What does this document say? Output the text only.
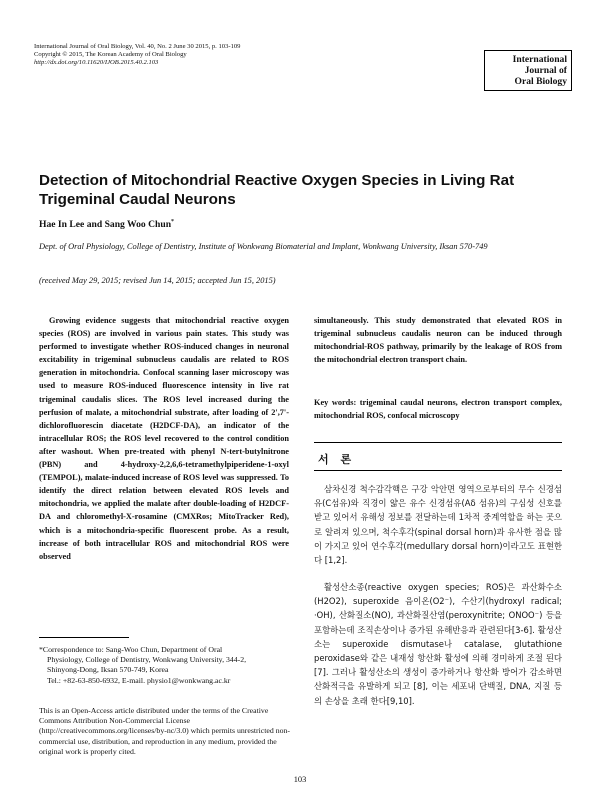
International Journal of Oral Biology, Vol. 40, No. 2 June 30 2015, p. 103-109
Copyright © 2015, The Korean Academy of Oral Biology
http://dx.doi.org/10.11620/IJOB.2015.40.2.103	International
Journal of
Oral Biology
Detection of Mitochondrial Reactive Oxygen Species in Living Rat Trigeminal Caudal Neurons
Hae In Lee and Sang Woo Chun*
Dept. of Oral Physiology, College of Dentistry, Institute of Wonkwang Biomaterial and Implant, Wonkwang University, Iksan 570-749
(received May 29, 2015; revised Jun 14, 2015; accepted Jun 15, 2015)
Growing evidence suggests that mitochondrial reactive oxygen species (ROS) are involved in various pain states. This study was performed to investigate whether ROS-induced changes in neuronal excitability in trigeminal subnucleus caudalis are related to ROS generation in mitochondria. Confocal scanning laser microscopy was used to measure ROS-induced fluorescence intensity in live rat trigeminal caudalis slices. The ROS level increased during the perfusion of malate, a mitochondrial substrate, after loading of 2',7'-dichlorofluorescin diacetate (H2DCF-DA), an indicator of the intracellular ROS; the ROS level recovered to the control condition after washout. When pre-treated with phenyl N-tert-butylnitrone (PBN) and 4-hydroxy-2,2,6,6-tetramethylpiperidene-1-oxyl (TEMPOL), malate-induced increase of ROS level was suppressed. To identify the direct relation between elevated ROS levels and mitochondria, we applied the malate after double-loading of H2DCF-DA and chloromethyl-X-rosamine (CMXRos; MitoTracker Red), which is a mitochondria-specific fluorescent probe. As a result, increase of both intracellular ROS and mitochondrial ROS were observed
simultaneously. This study demonstrated that elevated ROS in trigeminal subnucleus caudalis neuron can be induced through mitochondrial-ROS pathway, primarily by the leakage of ROS from the mitochondrial electron transport chain.
Key words: trigeminal caudal neurons, electron transport complex, mitochondrial ROS, confocal microscopy
서 론
삼차신경 척수감각핵은 구강 악안면 영역으로부터의 무수 신경섬유(C섬유)와 직경이 얇은 유수 신경섬유(Aδ 섬유)의 구심성 신호를 받고 있어서 유해성 정보를 전달하는데 1차적 중계역할을 하는 곳으로 알려져 있으며, 척수후각(spinal dorsal horn)과 유사한 점을 많이 가지고 있어 연수후각(medullary dorsal horn)이라고도 표현한다 [1,2].
활성산소종(reactive oxygen species; ROS)은 과산화수소(H2O2), superoxide 음이온(O2⁻), 수산기(hydroxyl radical; ·OH), 산화질소(NO), 과산화질산염(peroxynitrite; ONOO⁻) 등을 포함하는데 조직손상이나 증가된 유해반응과 관련된다[3-6]. 활성산소는 superoxide dismutase나 catalase, glutathione peroxidase와 같은 내재성 항산화 활성에 의해 경미하게 조절 된다[7]. 그러나 활성산소의 생성이 증가하거나 항산화 방어가 감소하면 산화적극을 유발하게 되고 [8], 이는 세포내 단백질, DNA, 지질 등의 손상을 초래 한다[9,10].
*Correspondence to: Sang-Woo Chun, Department of Oral
Physiology, College of Dentistry, Wonkwang University, 344-2,
Shinyong-Dong, Iksan 570-749, Korea
Tel.: +82-63-850-6932, E-mail. physio1@wonkwang.ac.kr
This is an Open-Access article distributed under the terms of the Creative Commons Attribution Non-Commercial License (http://creativecommons.org/licenses/by-nc/3.0) which permits unrestricted non-commercial use, distribution, and reproduction in any medium, provided the original work is properly cited.
103
